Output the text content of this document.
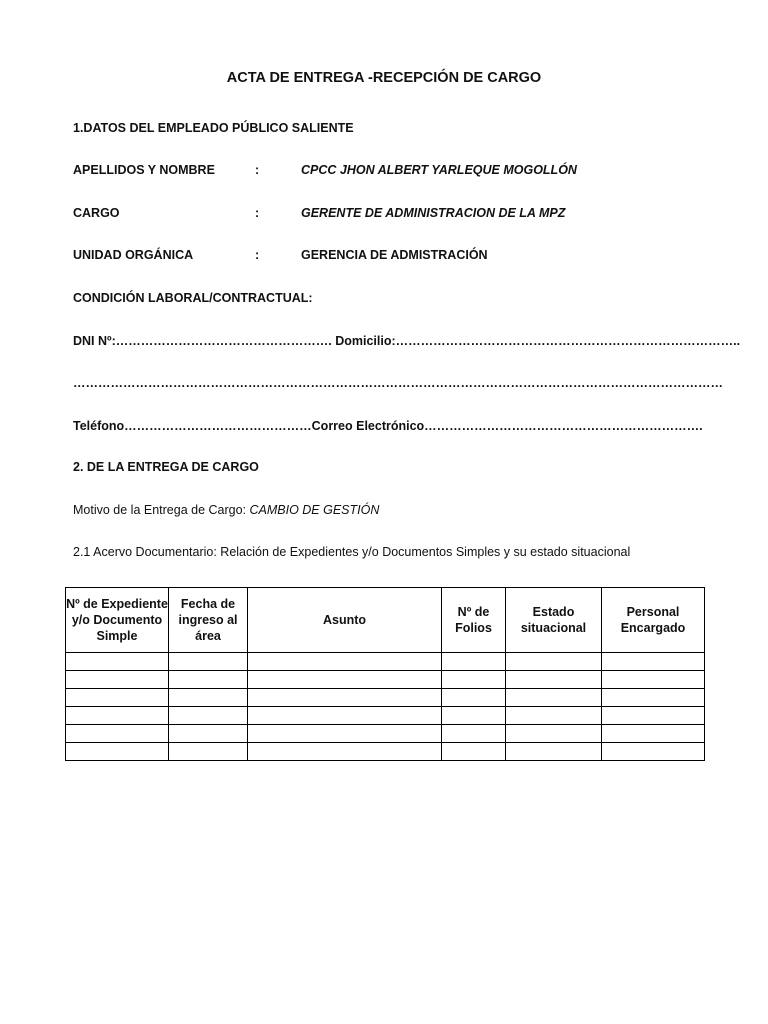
ACTA DE ENTREGA -RECEPCIÓN DE CARGO
1.DATOS DEL EMPLEADO PÚBLICO SALIENTE
APELLIDOS Y NOMBRE	:	CPCC JHON ALBERT YARLEQUE MOGOLLÓN
CARGO	:	GERENTE DE ADMINISTRACION DE LA MPZ
UNIDAD ORGÁNICA	:	GERENCIA DE ADMISTRACIÓN
CONDICIÓN LABORAL/CONTRACTUAL:
DNI Nº:……………………………………………. Domicilio:………………………………………………………………………..
…………………………………………………………………………………………………………………………………………
Teléfono………………………………………Correo Electrónico………………………………………………………….
2. DE LA ENTREGA DE CARGO
Motivo de la Entrega de Cargo: CAMBIO DE GESTIÓN
2.1 Acervo Documentario: Relación de Expedientes y/o Documentos Simples y su estado situacional
Nº de Expediente y/o Documento Simple	Fecha de ingreso al área	Asunto	Nº de Folios	Estado situacional	Personal Encargado
